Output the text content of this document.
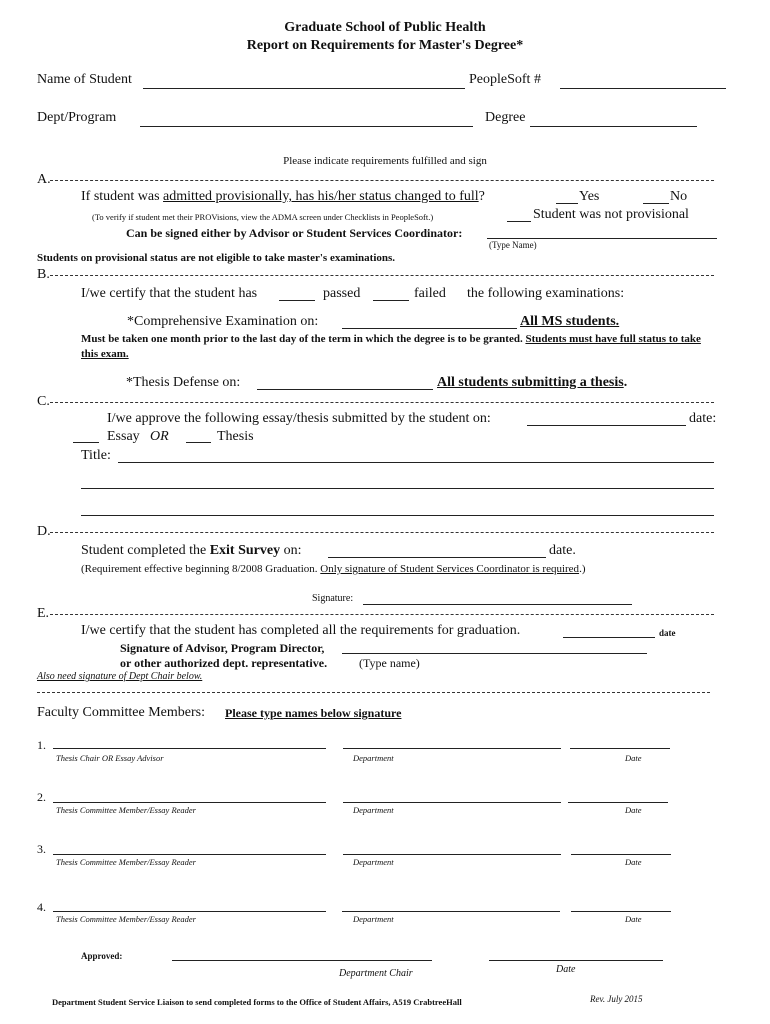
Graduate School of Public Health
Report on Requirements for Master's Degree*
Name of Student	PeopleSoft #
Dept/Program	Degree
Please indicate requirements fulfilled and sign
A.
If student was admitted provisionally, has his/her status changed to full?	Yes	No
(To verify if student met their PROVisions, view the ADMA screen under Checklists in PeopleSoft.)	Student was not provisional
Can be signed either by Advisor or Student Services Coordinator:
(Type Name)
Students on provisional status are not eligible to take master's examinations.
B.
I/we certify that the student has	passed	failed the following examinations:
*Comprehensive Examination on:	All MS students.
Must be taken one month prior to the last day of the term in which the degree is to be granted. Students must have full status to take this exam.
*Thesis Defense on:	All students submitting a thesis.
C.
I/we approve the following essay/thesis submitted by the student on:	date:
Essay OR	Thesis
Title:
D.
Student completed the Exit Survey on:	date.
(Requirement effective beginning 8/2008 Graduation. Only signature of Student Services Coordinator is required.)
Signature:
E.
I/we certify that the student has completed all the requirements for graduation.	date
Signature of Advisor, Program Director,
or other authorized dept. representative.	(Type name)
Also need signature of Dept Chair below.
Faculty Committee Members: Please type names below signature
1.
Thesis Chair OR Essay Advisor	Department	Date
2.
Thesis Committee Member/Essay Reader	Department	Date
3.
Thesis Committee Member/Essay Reader	Department	Date
4.
Thesis Committee Member/Essay Reader	Department	Date
Approved:
Department Chair	Date
Department Student Service Liaison to send completed forms to the Office of Student Affairs, A519 CrabtreeHall	Rev. July 2015
